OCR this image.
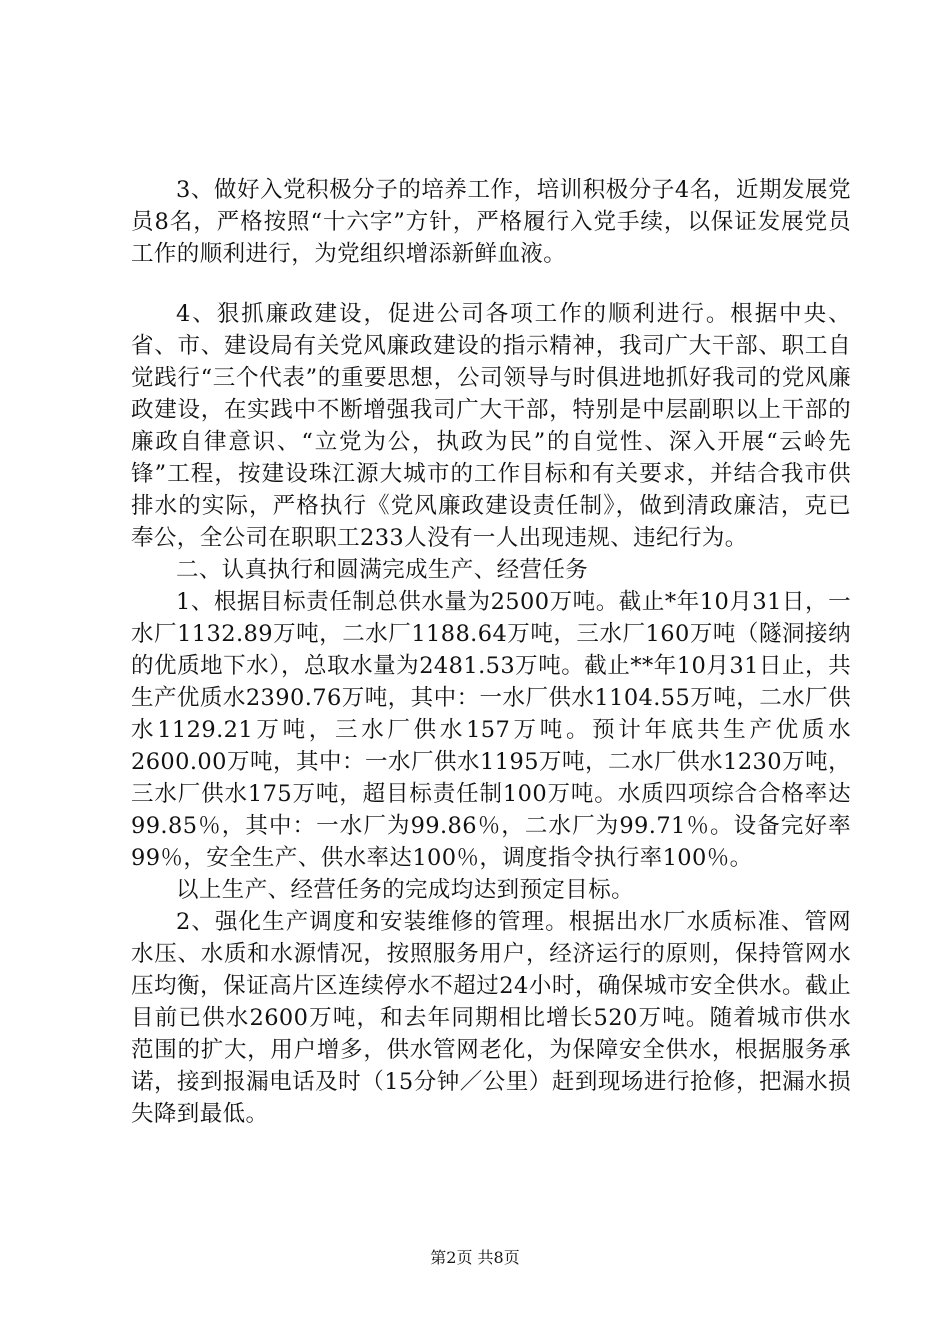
3、做好入党积极分子的培养工作，培训积极分子4名，近期发展党员8名，严格按照“十六字”方针，严格履行入党手续，以保证发展党员工作的顺利进行，为党组织增添新鲜血液。

4、狠抓廉政建设，促进公司各项工作的顺利进行。根据中央、省、市、建设局有关党风廉政建设的指示精神，我司广大干部、职工自觉践行“三个代表”的重要思想，公司领导与时俱进地抓好我司的党风廉政建设，在实践中不断增强我司广大干部，特别是中层副职以上干部的廉政自律意识、“立党为公，执政为民”的自觉性、深入开展“云岭先锋”工程，按建设珠江源大城市的工作目标和有关要求，并结合我市供排水的实际，严格执行《党风廉政建设责任制》，做到清政廉洁，克已奉公，全公司在职职工233人没有一人出现违规、违纪行为。

二、认真执行和圆满完成生产、经营任务

1、根据目标责任制总供水量为2500万吨。截止*年10月31日，一水厂1132.89万吨，二水厂1188.64万吨，三水厂160万吨（隧洞接纳的优质地下水），总取水量为2481.53万吨。截止**年10月31日止，共生产优质水2390.76万吨，其中：一水厂供水1104.55万吨，二水厂供水1129.21万吨，三水厂供水157万吨。预计年底共生产优质水2600.00万吨，其中：一水厂供水1195万吨，二水厂供水1230万吨，三水厂供水175万吨，超目标责任制100万吨。水质四项综合合格率达99.85％，其中：一水厂为99.86％，二水厂为99.71％。设备完好率99％，安全生产、供水率达100％，调度指令执行率100％。

以上生产、经营任务的完成均达到预定目标。

2、强化生产调度和安装维修的管理。根据出水厂水质标准、管网水压、水质和水源情况，按照服务用户，经济运行的原则，保持管网水压均衡，保证高片区连续停水不超过24小时，确保城市安全供水。截止目前已供水2600万吨，和去年同期相比增长520万吨。随着城市供水范围的扩大，用户增多，供水管网老化，为保障安全供水，根据服务承诺，接到报漏电话及时（15分钟／公里）赶到现场进行抢修，把漏水损失降到最低。

第2页 共8页
